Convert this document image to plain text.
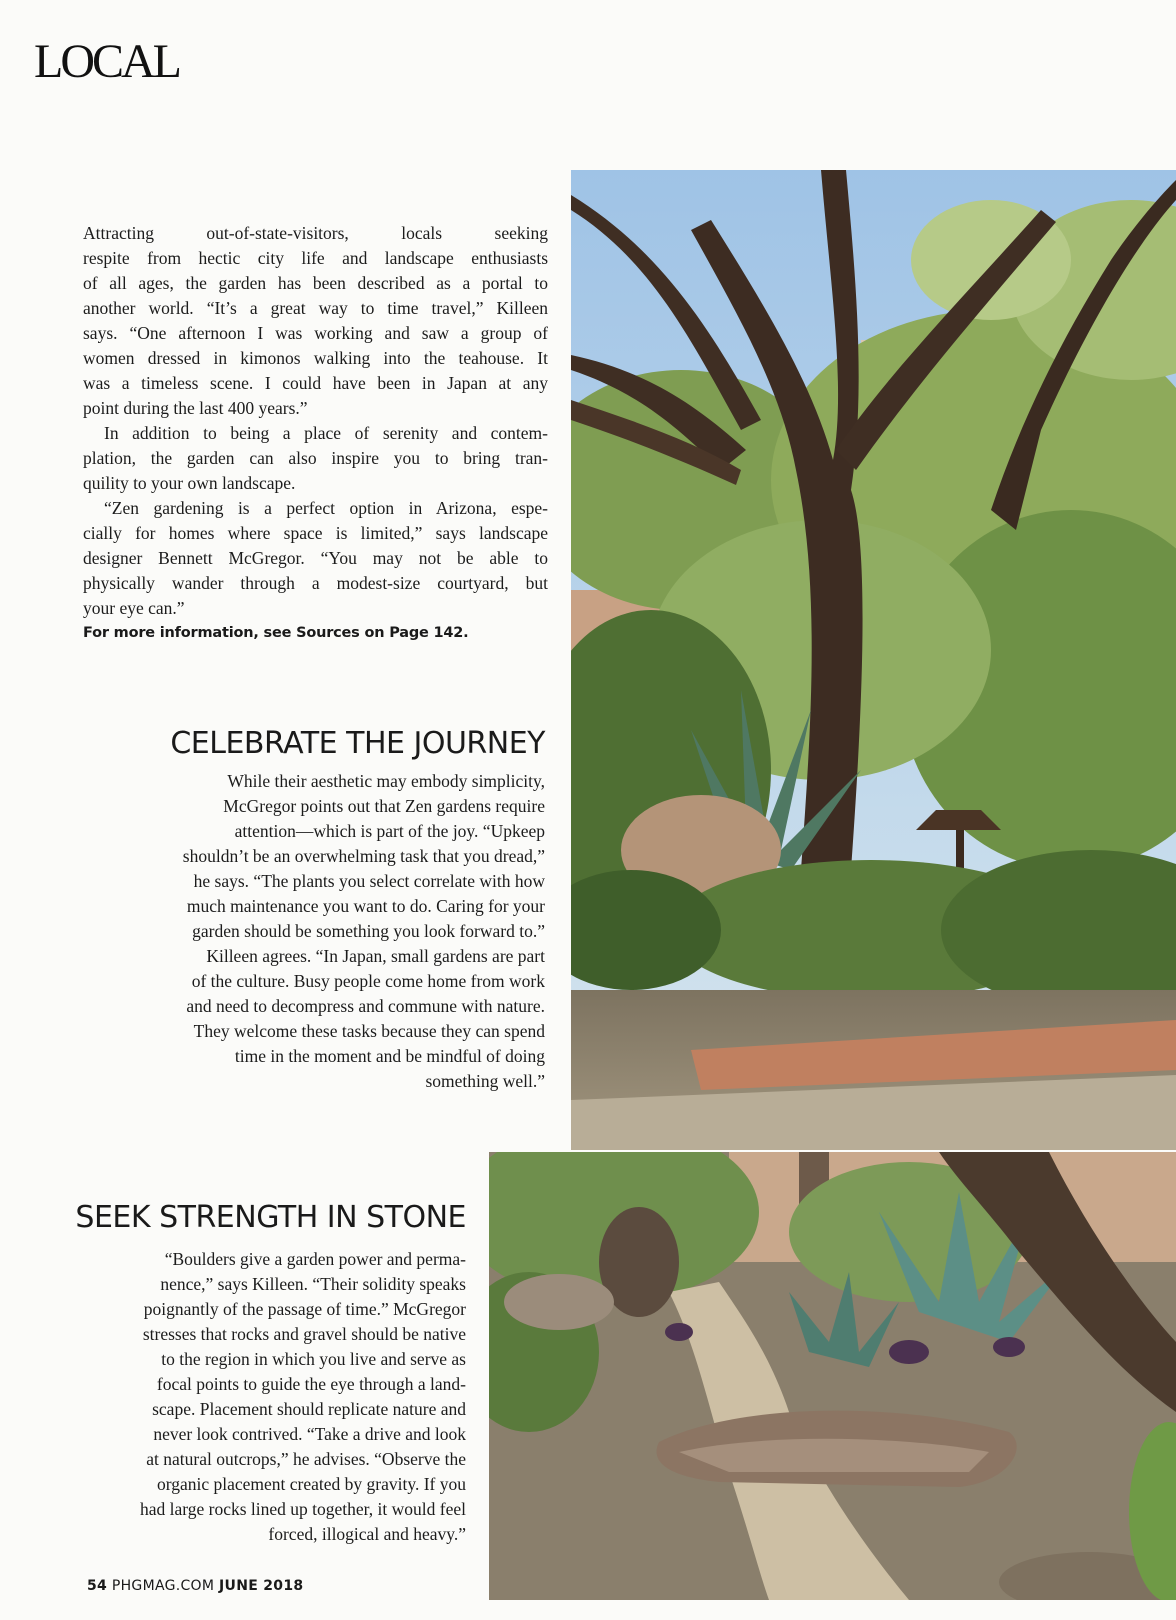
LOCAL
Attracting out-of-state-visitors, locals seeking
respite from hectic city life and landscape enthusiasts
of all ages, the garden has been described as a portal to
another world. “It’s a great way to time travel,” Killeen
says. “One afternoon I was working and saw a group of
women dressed in kimonos walking into the teahouse. It
was a timeless scene. I could have been in Japan at any
point during the last 400 years.”
In addition to being a place of serenity and contem-
plation, the garden can also inspire you to bring tran-
quility to your own landscape.
“Zen gardening is a perfect option in Arizona, espe-
cially for homes where space is limited,” says landscape
designer Bennett McGregor. “You may not be able to
physically wander through a modest-size courtyard, but
your eye can.”
For more information, see Sources on Page 142.
CELEBRATE THE JOURNEY
While their aesthetic may embody simplicity,
McGregor points out that Zen gardens require
attention—which is part of the joy. “Upkeep
shouldn’t be an overwhelming task that you dread,”
he says. “The plants you select correlate with how
much maintenance you want to do. Caring for your
garden should be something you look forward to.”
Killeen agrees. “In Japan, small gardens are part
of the culture. Busy people come home from work
and need to decompress and commune with nature.
They welcome these tasks because they can spend
time in the moment and be mindful of doing
something well.”
SEEK STRENGTH IN STONE
“Boulders give a garden power and perma-
nence,” says Killeen. “Their solidity speaks
poignantly of the passage of time.” McGregor
stresses that rocks and gravel should be native
to the region in which you live and serve as
focal points to guide the eye through a land-
scape. Placement should replicate nature and
never look contrived. “Take a drive and look
at natural outcrops,” he advises. “Observe the
organic placement created by gravity. If you
had large rocks lined up together, it would feel
forced, illogical and heavy.”
54 PHGMAG.COM JUNE 2018
